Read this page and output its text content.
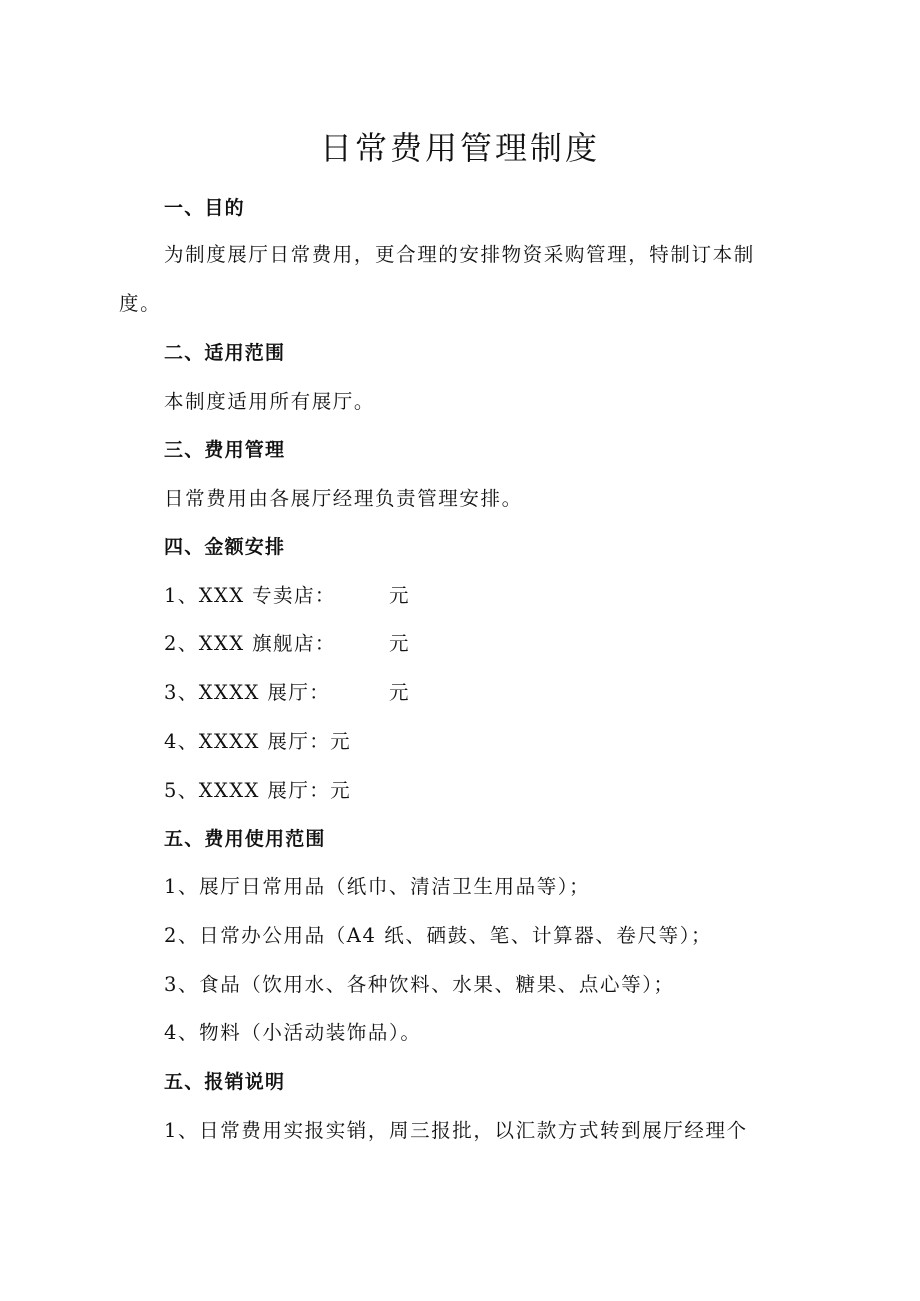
日常费用管理制度
一、目的
为制度展厅日常费用，更合理的安排物资采购管理，特制订本制
度。
二、适用范围
本制度适用所有展厅。
三、费用管理
日常费用由各展厅经理负责管理安排。
四、金额安排
1、XXX 专卖店：	元
2、XXX 旗舰店：	元
3、XXXX 展厅：	元
4、XXXX 展厅：元
5、XXXX 展厅：元
五、费用使用范围
1、展厅日常用品（纸巾、清洁卫生用品等）；
2、日常办公用品（A4 纸、硒鼓、笔、计算器、卷尺等）；
3、食品（饮用水、各种饮料、水果、糖果、点心等）；
4、物料（小活动装饰品）。
五、报销说明
1、日常费用实报实销，周三报批，以汇款方式转到展厅经理个
